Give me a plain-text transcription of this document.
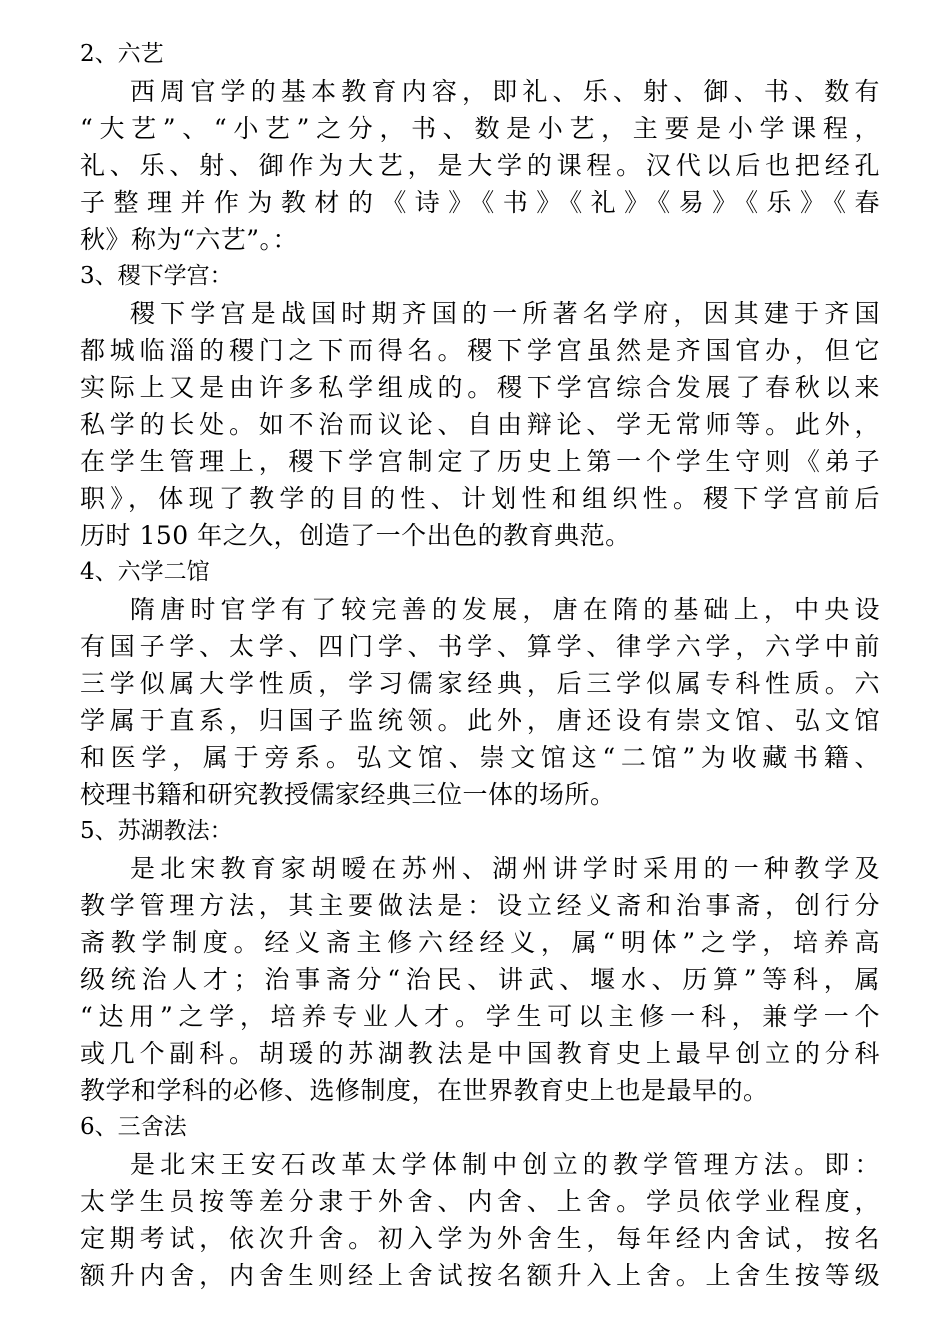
2、六艺

西周官学的基本教育内容，即礼、乐、射、御、书、数有
“大艺”、“小艺”之分，书、数是小艺，主要是小学课程，
礼、乐、射、御作为大艺，是大学的课程。汉代以后也把经孔
子整理并作为教材的《诗》《书》《礼》《易》《乐》《春
秋》称为“六艺”。：

3、稷下学宫：

稷下学宫是战国时期齐国的一所著名学府，因其建于齐国
都城临淄的稷门之下而得名。稷下学宫虽然是齐国官办，但它
实际上又是由许多私学组成的。稷下学宫综合发展了春秋以来
私学的长处。如不治而议论、自由辩论、学无常师等。此外，
在学生管理上，稷下学宫制定了历史上第一个学生守则《弟子
职》，体现了教学的目的性、计划性和组织性。稷下学宫前后
历时 150 年之久，创造了一个出色的教育典范。

4、六学二馆

隋唐时官学有了较完善的发展，唐在隋的基础上，中央设
有国子学、太学、四门学、书学、算学、律学六学，六学中前
三学似属大学性质，学习儒家经典，后三学似属专科性质。六
学属于直系，归国子监统领。此外，唐还设有崇文馆、弘文馆
和医学，属于旁系。弘文馆、崇文馆这“二馆”为收藏书籍、
校理书籍和研究教授儒家经典三位一体的场所。

5、苏湖教法：

是北宋教育家胡暧在苏州、湖州讲学时采用的一种教学及
教学管理方法，其主要做法是：设立经义斋和治事斋，创行分
斋教学制度。经义斋主修六经经义，属“明体”之学，培养高
级统治人才；治事斋分“治民、讲武、堰水、历算”等科，属
“达用”之学，培养专业人才。学生可以主修一科，兼学一个
或几个副科。胡瑗的苏湖教法是中国教育史上最早创立的分科
教学和学科的必修、选修制度，在世界教育史上也是最早的。

6、三舍法

是北宋王安石改革太学体制中创立的教学管理方法。即：
太学生员按等差分隶于外舍、内舍、上舍。学员依学业程度，
定期考试，依次升舍。初入学为外舍生，每年经内舍试，按名
额升内舍，内舍生则经上舍试按名额升入上舍。上舍生按等级
